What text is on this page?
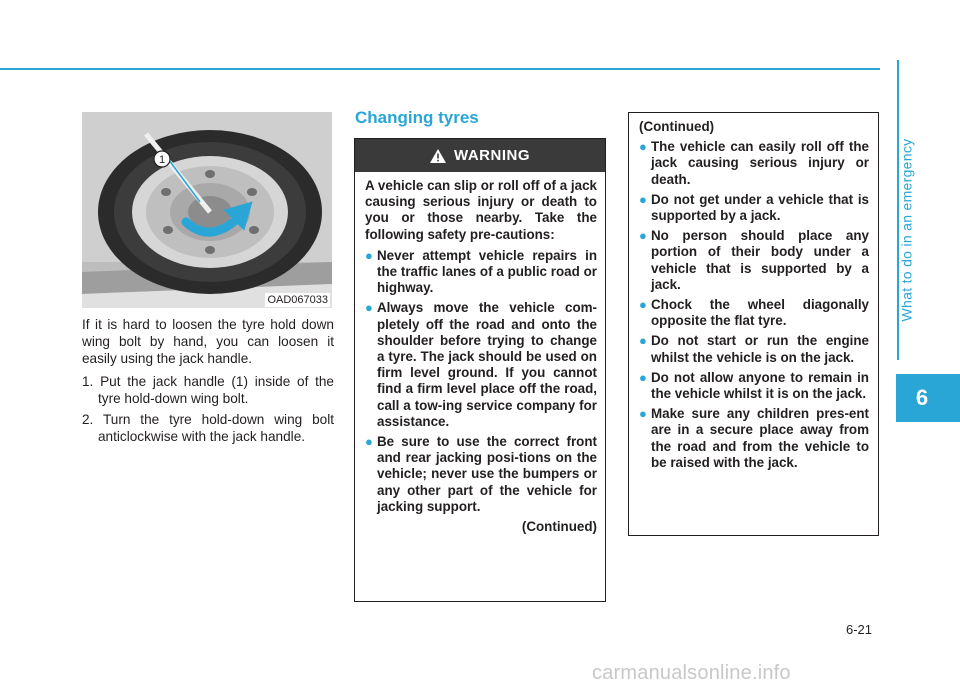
What to do in an emergency
6
1
OAD067033

If it is hard to loosen the tyre hold down wing bolt by hand, you can loosen it easily using the jack handle.

1. Put the jack handle (1) inside of the tyre hold-down wing bolt.
2. Turn the tyre hold-down wing bolt anticlockwise with the jack handle.
Changing tyres
WARNING

A vehicle can slip or roll off of a jack causing serious injury or death to you or those nearby. Take the following safety pre-cautions:

● Never attempt vehicle repairs in the traffic lanes of a public road or highway.
● Always move the vehicle com-pletely off the road and onto the shoulder before trying to change a tyre. The jack should be used on firm level ground. If you cannot find a firm level place off the road, call a tow-ing service company for assistance.
● Be sure to use the correct front and rear jacking posi-tions on the vehicle; never use the bumpers or any other part of the vehicle for jacking support.
(Continued)
(Continued)
● The vehicle can easily roll off the jack causing serious injury or death.
● Do not get under a vehicle that is supported by a jack.
● No person should place any portion of their body under a vehicle that is supported by a jack.
● Chock the wheel diagonally opposite the flat tyre.
● Do not start or run the engine whilst the vehicle is on the jack.
● Do not allow anyone to remain in the vehicle whilst it is on the jack.
● Make sure any children pres-ent are in a secure place away from the road and from the vehicle to be raised with the jack.
6-21
carmanualsonline.info
